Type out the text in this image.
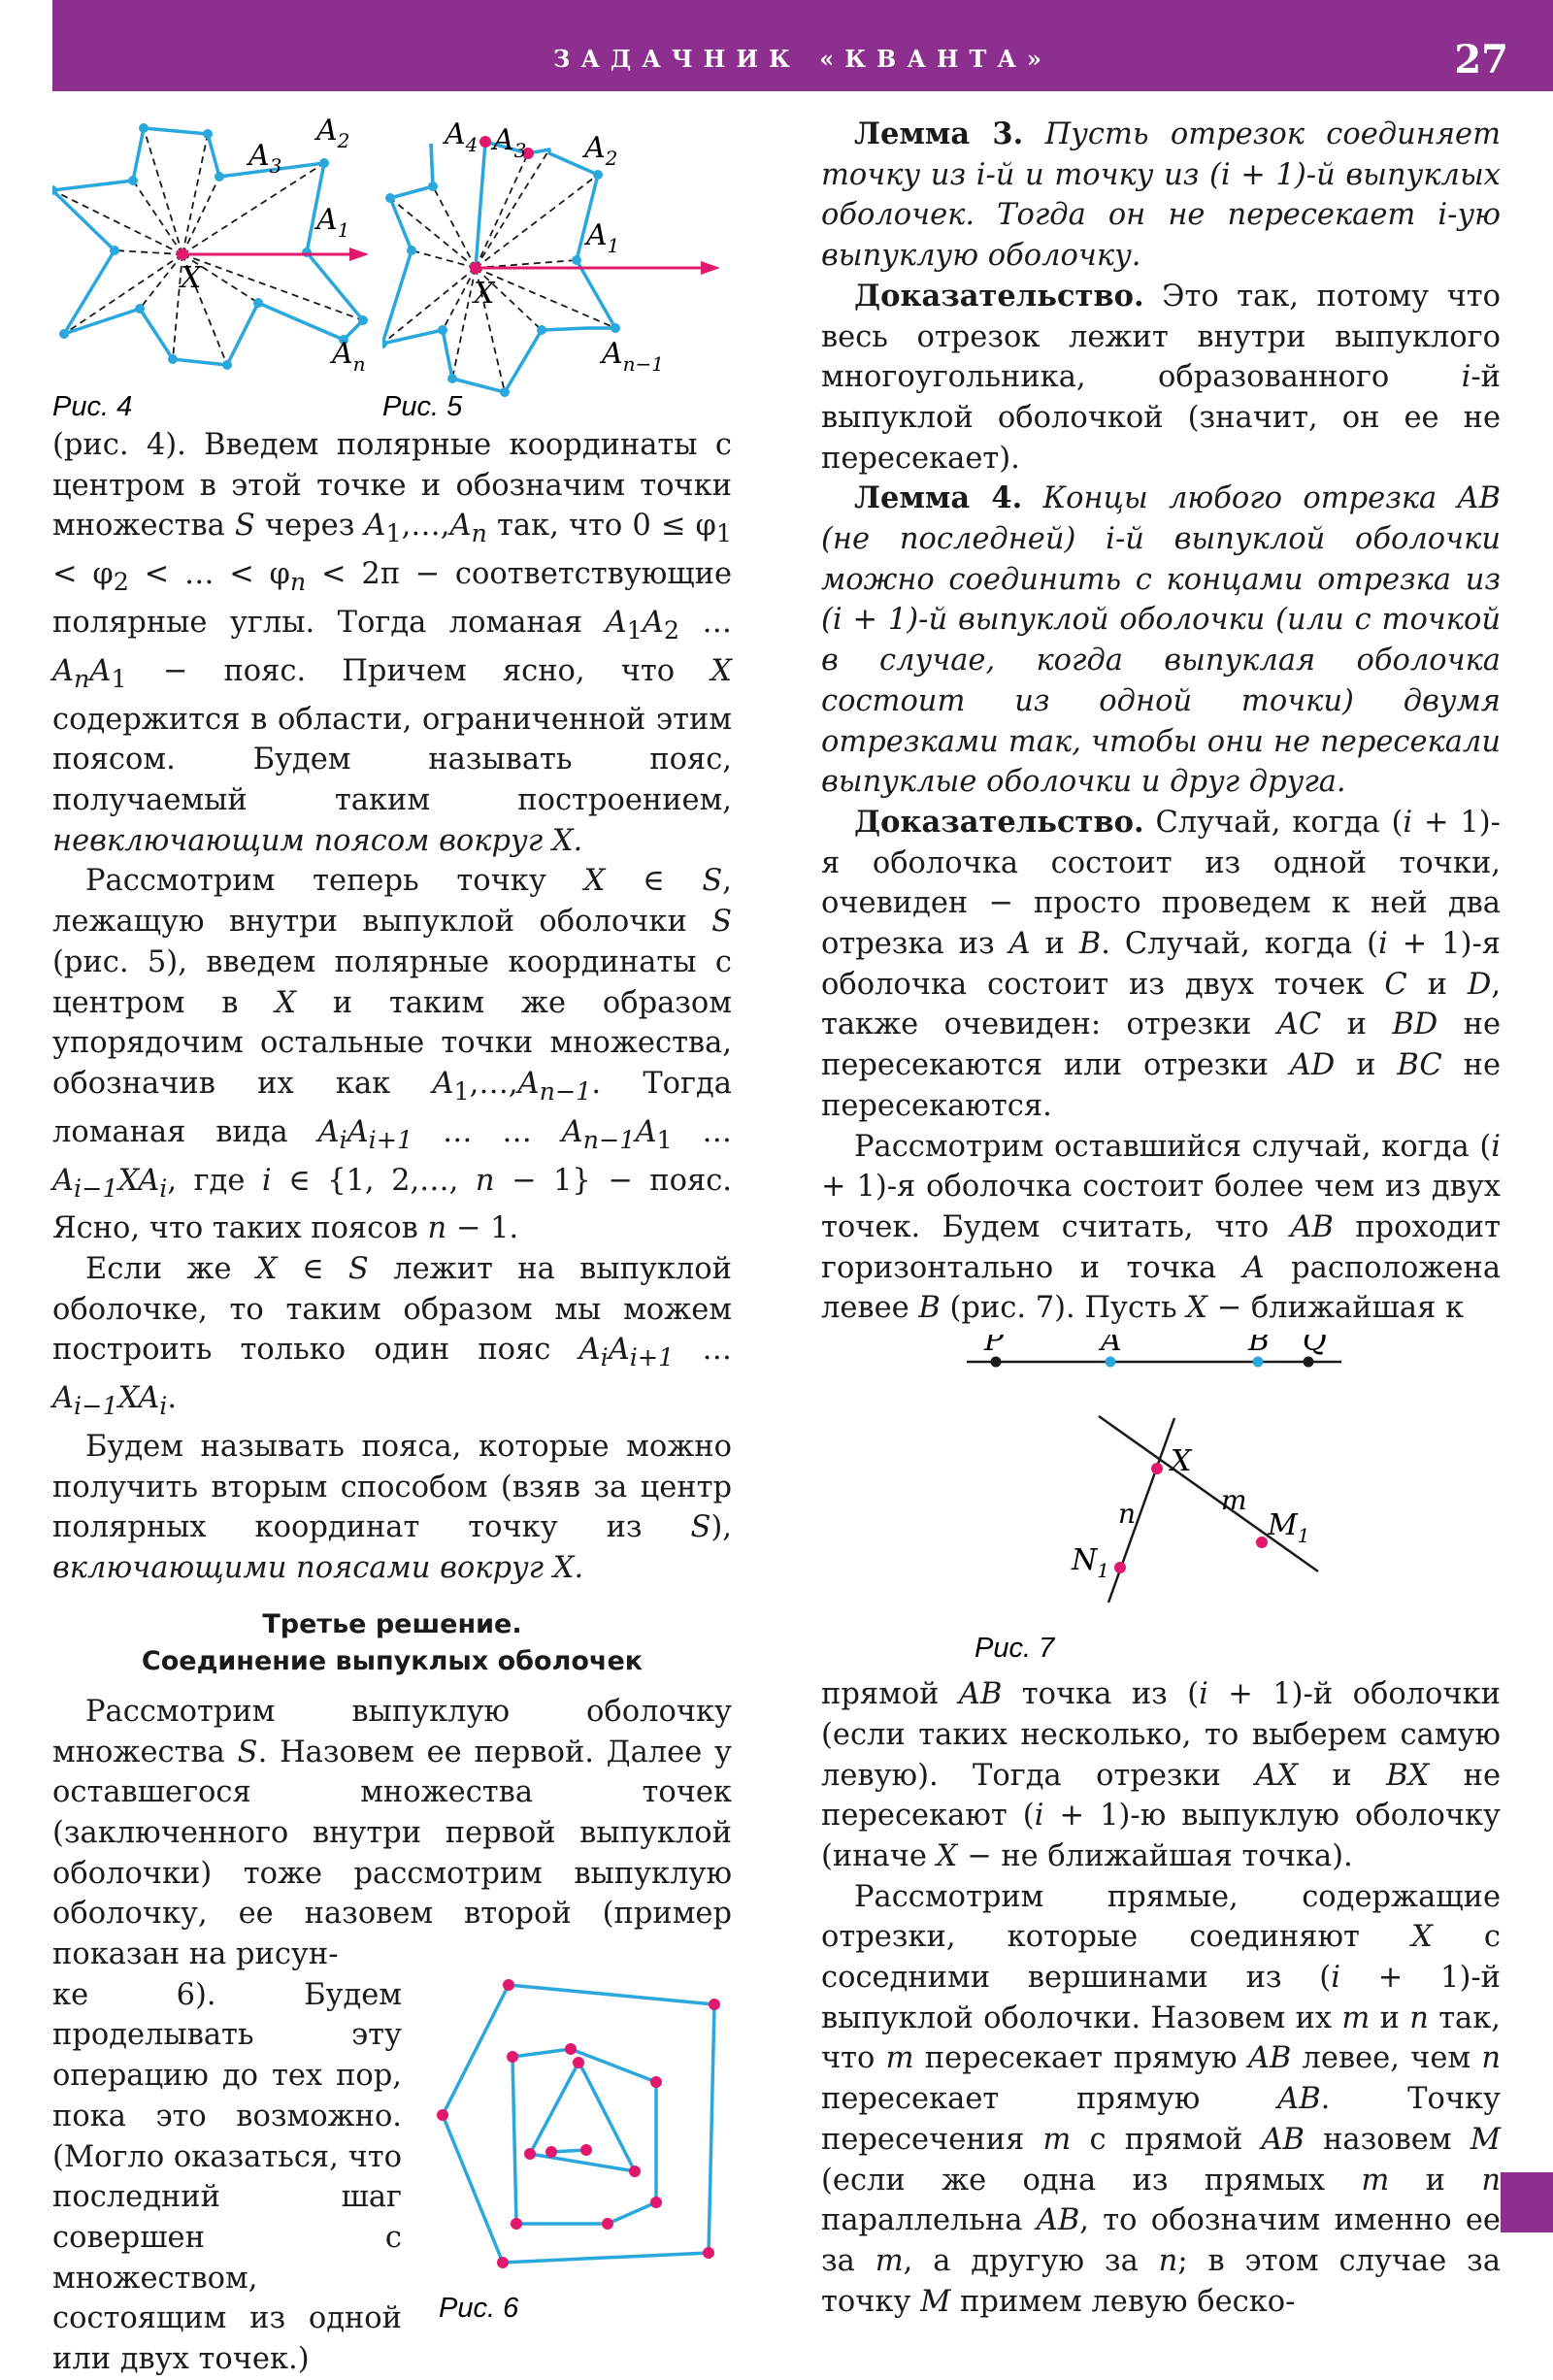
ЗАДАЧНИК «КВАНТА»	27
$A_2$
$A_3$
$A_1$
$A_n$
X
Рис. 4
$A_4$ $A_3$ $A_2$
$A_1$
$A_{n-1}$
X
Рис. 5

(рис. 4). Введем полярные координаты с центром в этой точке и обозначим точки множества S через $A_1,\dots,A_n$ так, что $0 \le \varphi_1 < \varphi_2$ < … < $\varphi_n < 2\pi$ − соответствующие полярные углы. Тогда ломаная $A_1A_2$ … $A_nA_1$ − пояс. Причем ясно, что X содержится в области, ограниченной этим поясом. Будем называть пояс, получаемый таким построением, невключающим поясом вокруг X.

Рассмотрим теперь точку X ∈ S, лежащую внутри выпуклой оболочки S (рис. 5), введем полярные координаты с центром в X и таким же образом упорядочим остальные точки множества, обозначив их как $A_1,\dots,A_{n-1}$. Тогда ломаная вида $A_iA_{i+1}$ … … $A_{n-1}A_1$ … $A_{i-1}XA_i$, где i ∈ {1, 2,…, n − 1} − пояс. Ясно, что таких поясов n − 1.

Если же X ∈ S лежит на выпуклой оболочке, то таким образом мы можем построить только один пояс $A_iA_{i+1}$ … $A_{i-1}XA_i$.

Будем называть пояса, которые можно получить вторым способом (взяв за центр полярных координат точку из S), включающими поясами вокруг X.

Третье решение.
Соединение выпуклых оболочек

Рассмотрим выпуклую оболочку множества S. Назовем ее первой. Далее у оставшегося множества точек (заключенного внутри первой выпуклой оболочки) тоже рассмотрим выпуклую оболочку, ее назовем второй (пример показан на рисун-

ке 6). Будем проделывать эту операцию до тех пор, пока это возможно. (Могло оказаться, что последний шаг совершен с множеством, состоящим из одной или двух точек.)

Рис. 6

Лемма 3. Пусть отрезок соединяет точку из i-й и точку из (i + 1)-й выпуклых оболочек. Тогда он не пересекает i-ую выпуклую оболочку.

Доказательство. Это так, потому что весь отрезок лежит внутри выпуклого многоугольника, образованного i-й выпуклой оболочкой (значит, он ее не пересекает).

Лемма 4. Концы любого отрезка AB (не последней) i-й выпуклой оболочки можно соединить с концами отрезка из (i + 1)-й выпуклой оболочки (или с точкой в случае, когда выпуклая оболочка состоит из одной точки) двумя отрезками так, чтобы они не пересекали выпуклые оболочки и друг друга.

Доказательство. Случай, когда (i + 1)-я оболочка состоит из одной точки, очевиден − просто проведем к ней два отрезка из A и B. Случай, когда (i + 1)-я оболочка состоит из двух точек C и D, также очевиден: отрезки AC и BD не пересекаются или отрезки AD и BC не пересекаются.

Рассмотрим оставшийся случай, когда (i + 1)-я оболочка состоит более чем из двух точек. Будем считать, что AB проходит горизонтально и точка A расположена левее B (рис. 7). Пусть X − ближайшая к

P	A	B Q
X
n	m
$M_1$
$N_1$
Рис. 7

прямой AB точка из (i + 1)-й оболочки (если таких несколько, то выберем самую левую). Тогда отрезки AX и BX не пересекают (i + 1)-ю выпуклую оболочку (иначе X − не ближайшая точка).

Рассмотрим прямые, содержащие отрезки, которые соединяют X с соседними вершинами из (i + 1)-й выпуклой оболочки. Назовем их m и n так, что m пересекает прямую AB левее, чем n пересекает прямую AB. Точку пересечения m с прямой AB назовем M (если же одна из прямых m и n параллельна AB, то обозначим именно ее за m, а другую за n; в этом случае за точку M примем левую беско-
